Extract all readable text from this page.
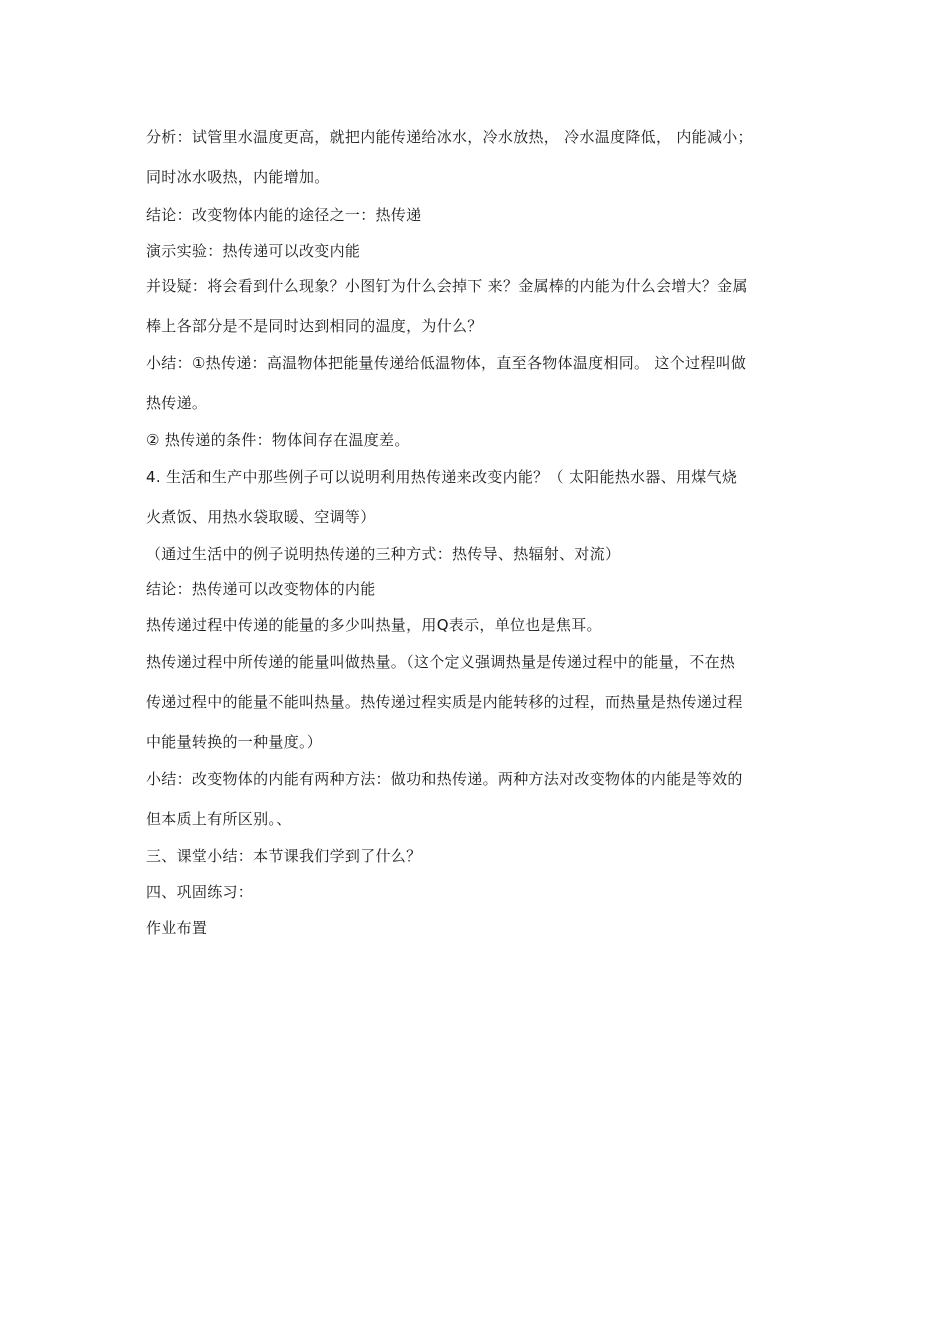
分析：试管里水温度更高，就把内能传递给冰水，冷水放热， 冷水温度降低， 内能减小；
同时冰水吸热，内能增加。
结论：改变物体内能的途径之一：热传递
演示实验：热传递可以改变内能
并设疑：将会看到什么现象？小图钉为什么会掉下 来？金属棒的内能为什么会增大？金属
棒上各部分是不是同时达到相同的温度，为什么？
小结：①热传递：高温物体把能量传递给低温物体，直至各物体温度相同。 这个过程叫做
热传递。
② 热传递的条件：物体间存在温度差。
4. 生活和生产中那些例子可以说明利用热传递来改变内能？（ 太阳能热水器、用煤气烧
火煮饭、用热水袋取暖、空调等）
（通过生活中的例子说明热传递的三种方式：热传导、热辐射、对流）
结论：热传递可以改变物体的内能
热传递过程中传递的能量的多少叫热量，用Q表示，单位也是焦耳。
热传递过程中所传递的能量叫做热量。（这个定义强调热量是传递过程中的能量，不在热
传递过程中的能量不能叫热量。热传递过程实质是内能转移的过程，而热量是热传递过程
中能量转换的一种量度。）
小结：改变物体的内能有两种方法：做功和热传递。两种方法对改变物体的内能是等效的
但本质上有所区别。、
三、课堂小结：本节课我们学到了什么？
四、巩固练习：
作业布置
